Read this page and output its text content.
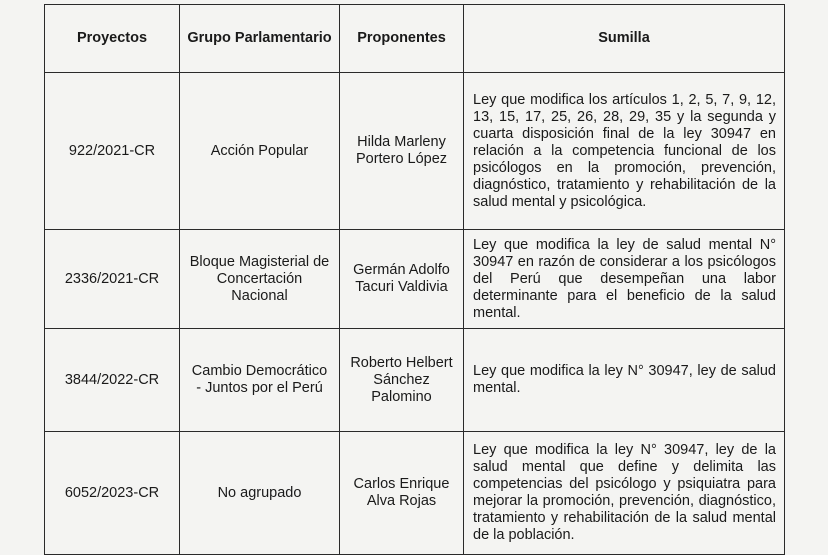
Proyectos	Grupo Parlamentario	Proponentes	Sumilla
922/2021-CR	Acción Popular	Hilda Marleny Portero López	Ley que modifica los artículos 1, 2, 5, 7, 9, 12, 13, 15, 17, 25, 26, 28, 29, 35 y la segunda y cuarta disposición final de la ley 30947 en relación a la competencia funcional de los psicólogos en la promoción, prevención, diagnóstico, tratamiento y rehabilitación de la salud mental y psicológica.
2336/2021-CR	Bloque Magisterial de Concertación Nacional	Germán Adolfo Tacuri Valdivia	Ley que modifica la ley de salud mental N° 30947 en razón de considerar a los psicólogos del Perú que desempeñan una labor determinante para el beneficio de la salud mental.
3844/2022-CR	Cambio Democrático - Juntos por el Perú	Roberto Helbert Sánchez Palomino	Ley que modifica la ley N° 30947, ley de salud mental.
6052/2023-CR	No agrupado	Carlos Enrique Alva Rojas	Ley que modifica la ley N° 30947, ley de la salud mental que define y delimita las competencias del psicólogo y psiquiatra para mejorar la promoción, prevención, diagnóstico, tratamiento y rehabilitación de la salud mental de la población.
